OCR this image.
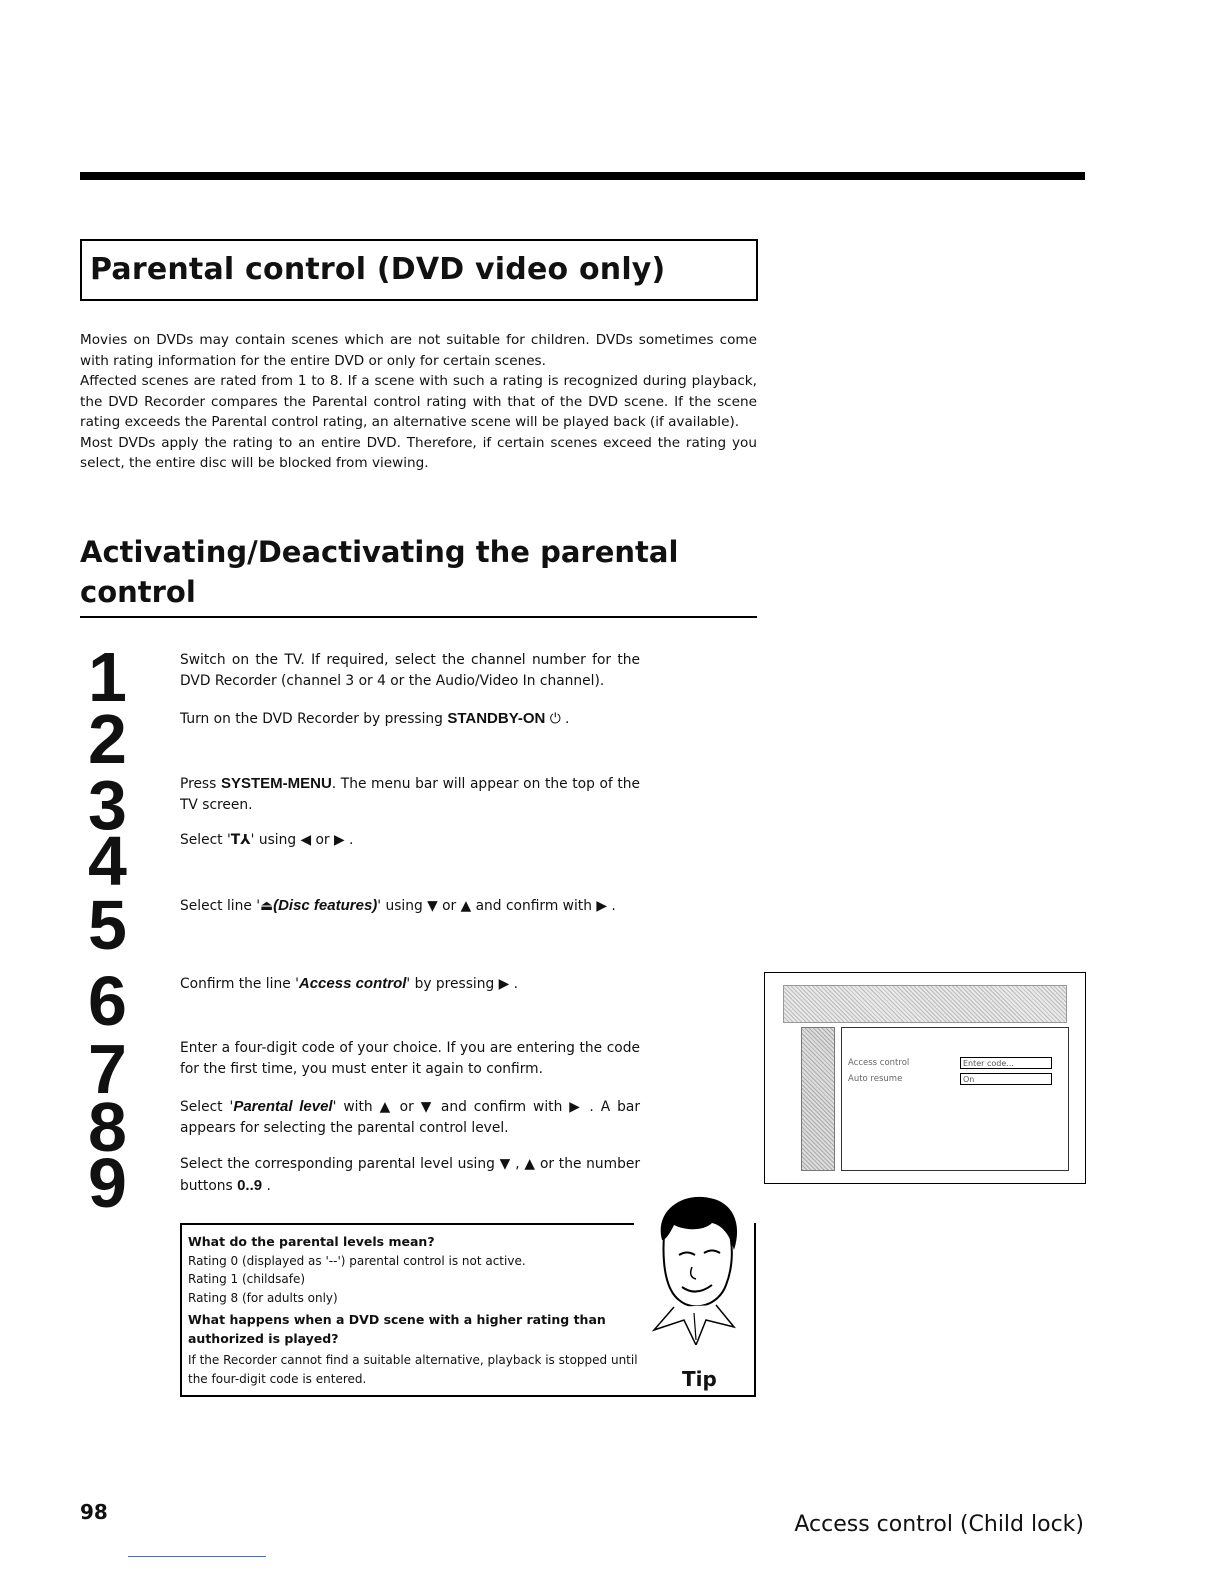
Parental control (DVD video only)

Movies on DVDs may contain scenes which are not suitable for children. DVDs sometimes come with rating information for the entire DVD or only for certain scenes.

Affected scenes are rated from 1 to 8. If a scene with such a rating is recognized during playback, the DVD Recorder compares the Parental control rating with that of the DVD scene. If the scene rating exceeds the Parental control rating, an alternative scene will be played back (if available).

Most DVDs apply the rating to an entire DVD. Therefore, if certain scenes exceed the rating you select, the entire disc will be blocked from viewing.

Activating/Deactivating the parental control
1
2
3
4
5
6
7
8
9
Switch on the TV. If required, select the channel number for the DVD Recorder (channel 3 or 4 or the Audio/Video In channel).
Turn on the DVD Recorder by pressing STANDBY-ON ⏻ .
Press SYSTEM-MENU. The menu bar will appear on the top of the TV screen.
Select 'T⅄' using ◀ or ▶ .
Select line '⏏(Disc features)' using ▼ or ▲ and confirm with ▶ .
Confirm the line 'Access control' by pressing ▶ .
Enter a four-digit code of your choice. If you are entering the code for the first time, you must enter it again to confirm.
Select 'Parental level' with ▲ or ▼ and confirm with ▶ . A bar appears for selecting the parental control level.
Select the corresponding parental level using ▼ , ▲ or the number buttons 0..9 .
What do the parental levels mean?
Rating 0 (displayed as '--') parental control is not active.
Rating 1 (childsafe)
Rating 8 (for adults only)
What happens when a DVD scene with a higher rating than authorized is played?
If the Recorder cannot find a suitable alternative, playback is stopped until the four-digit code is entered.	Tip
Access control	Enter code...
Auto resume	On
98	Access control (Child lock)
